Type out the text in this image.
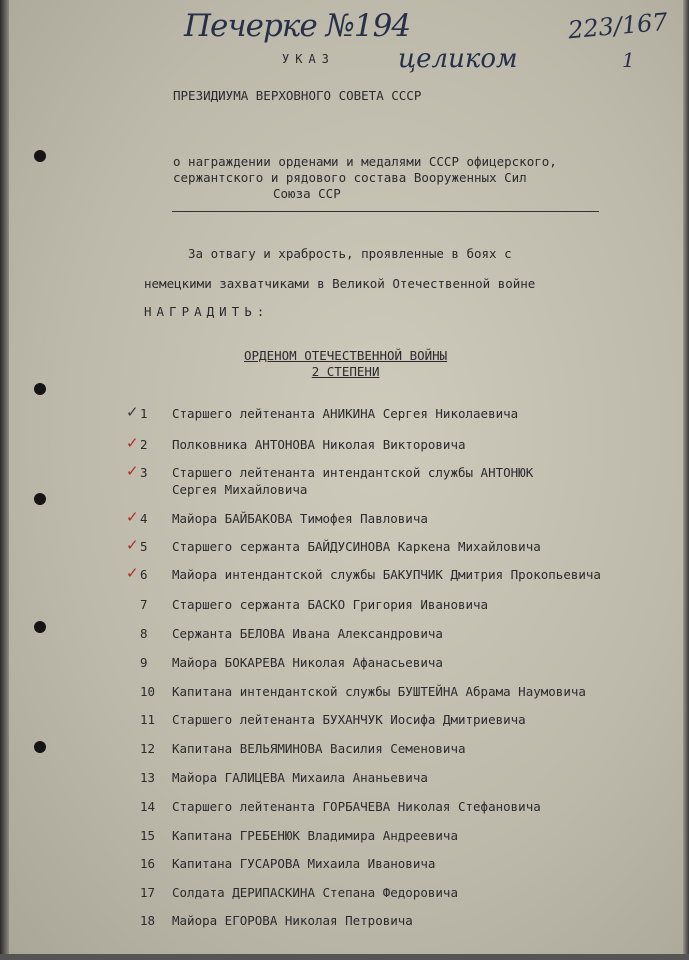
Печерке №194	223/167
целиком	1
УКАЗ
ПРЕЗИДИУМА ВЕРХОВНОГО СОВЕТА СССР
о награждении орденами и медалями СССР офицерского,
сержантского и рядового состава Вооруженных Сил
Союза ССР
За отвагу и храбрость, проявленные в боях с
немецкими захватчиками в Великой Отечественной войне
НАГРАДИТЬ:
ОРДЕНОМ ОТЕЧЕСТВЕННОЙ ВОЙНЫ
2 СТЕПЕНИ
1 Старшего лейтенанта АНИКИНА Сергея Николаевича
✓
2 Полковника АНТОНОВА Николая Викторовича
✓
3 Старшего лейтенанта интендантской службы АНТОНЮК
Сергея Михайловича
✓
4 Майора БАЙБАКОВА Тимофея Павловича
✓
5 Старшего сержанта БАЙДУСИНОВА Каркена Михайловича
✓
6 Майора интендантской службы БАКУПЧИК Дмитрия Прокопьевича
✓
7 Старшего сержанта БАСКО Григория Ивановича
8 Сержанта БЕЛОВА Ивана Александровича
9 Майора БОКАРЕВА Николая Афанасьевича
10 Капитана интендантской службы БУШТЕЙНА Абрама Наумовича
11 Старшего лейтенанта БУХАНЧУК Иосифа Дмитриевича
12 Капитана ВЕЛЬЯМИНОВА Василия Семеновича
13 Майора ГАЛИЦЕВА Михаила Ананьевича
14 Старшего лейтенанта ГОРБАЧЕВА Николая Стефановича
15 Капитана ГРЕБЕНЮК Владимира Андреевича
16 Капитана ГУСАРОВА Михаила Ивановича
17 Солдата ДЕРИПАСКИНА Степана Федоровича
18 Майора ЕГОРОВА Николая Петровича
